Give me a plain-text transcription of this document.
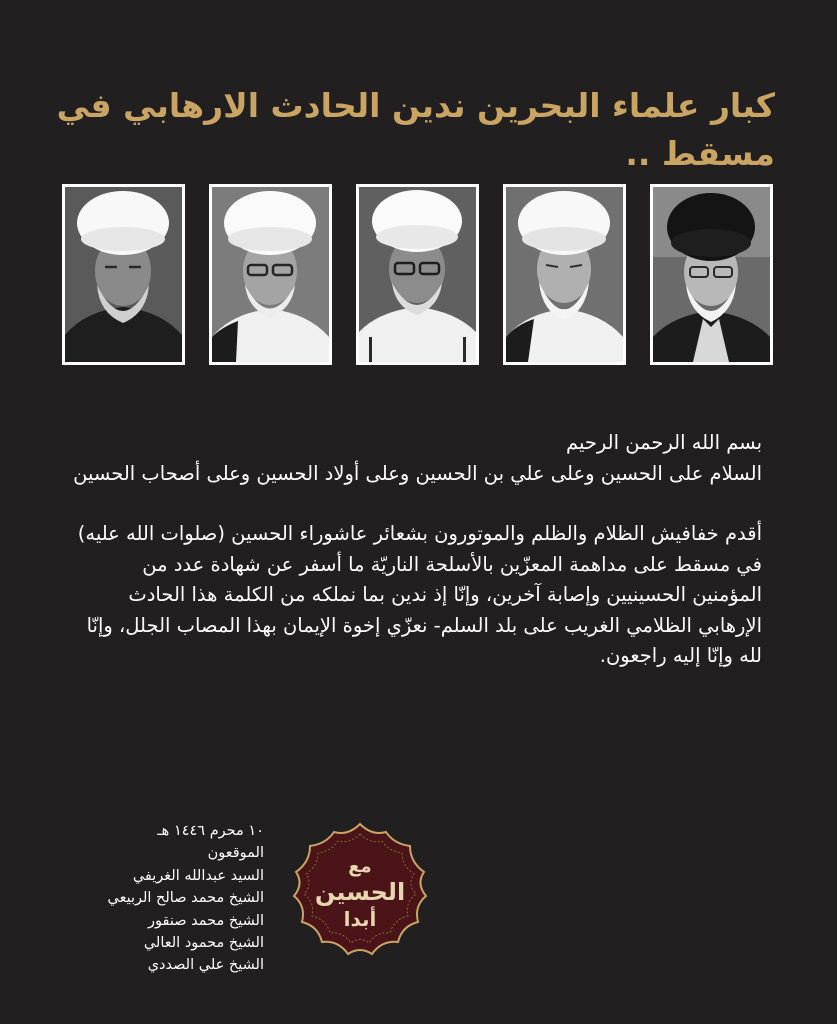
كبار علماء البحرين ندين الحادث الارهابي في مسقط ..

بسم الله الرحمن الرحيم

السلام على الحسين وعلى علي بن الحسين وعلى أولاد الحسين وعلى أصحاب الحسين

أقدم خفافيش الظلام والظلم والموتورون بشعائر عاشوراء الحسين (صلوات الله عليه) في مسقط على مداهمة المعزّين بالأسلحة الناريّة ما أسفر عن شهادة عدد من المؤمنين الحسينيين وإصابة آخرين، وإنّا إذ ندين بما نملكه من الكلمة هذا الحادث الإرهابي الظلامي الغريب على بلد السلم- نعزّي إخوة الإيمان بهذا المصاب الجلل، وإنّا لله وإنّا إليه راجعون.

١٠ محرم ١٤٤٦ هـ
الموقعون
السيد عبدالله الغريفي
الشيخ محمد صالح الربيعي
الشيخ محمد صنقور
الشيخ محمود العالي
الشيخ علي الصددي
مع
الحسين
أبدا
